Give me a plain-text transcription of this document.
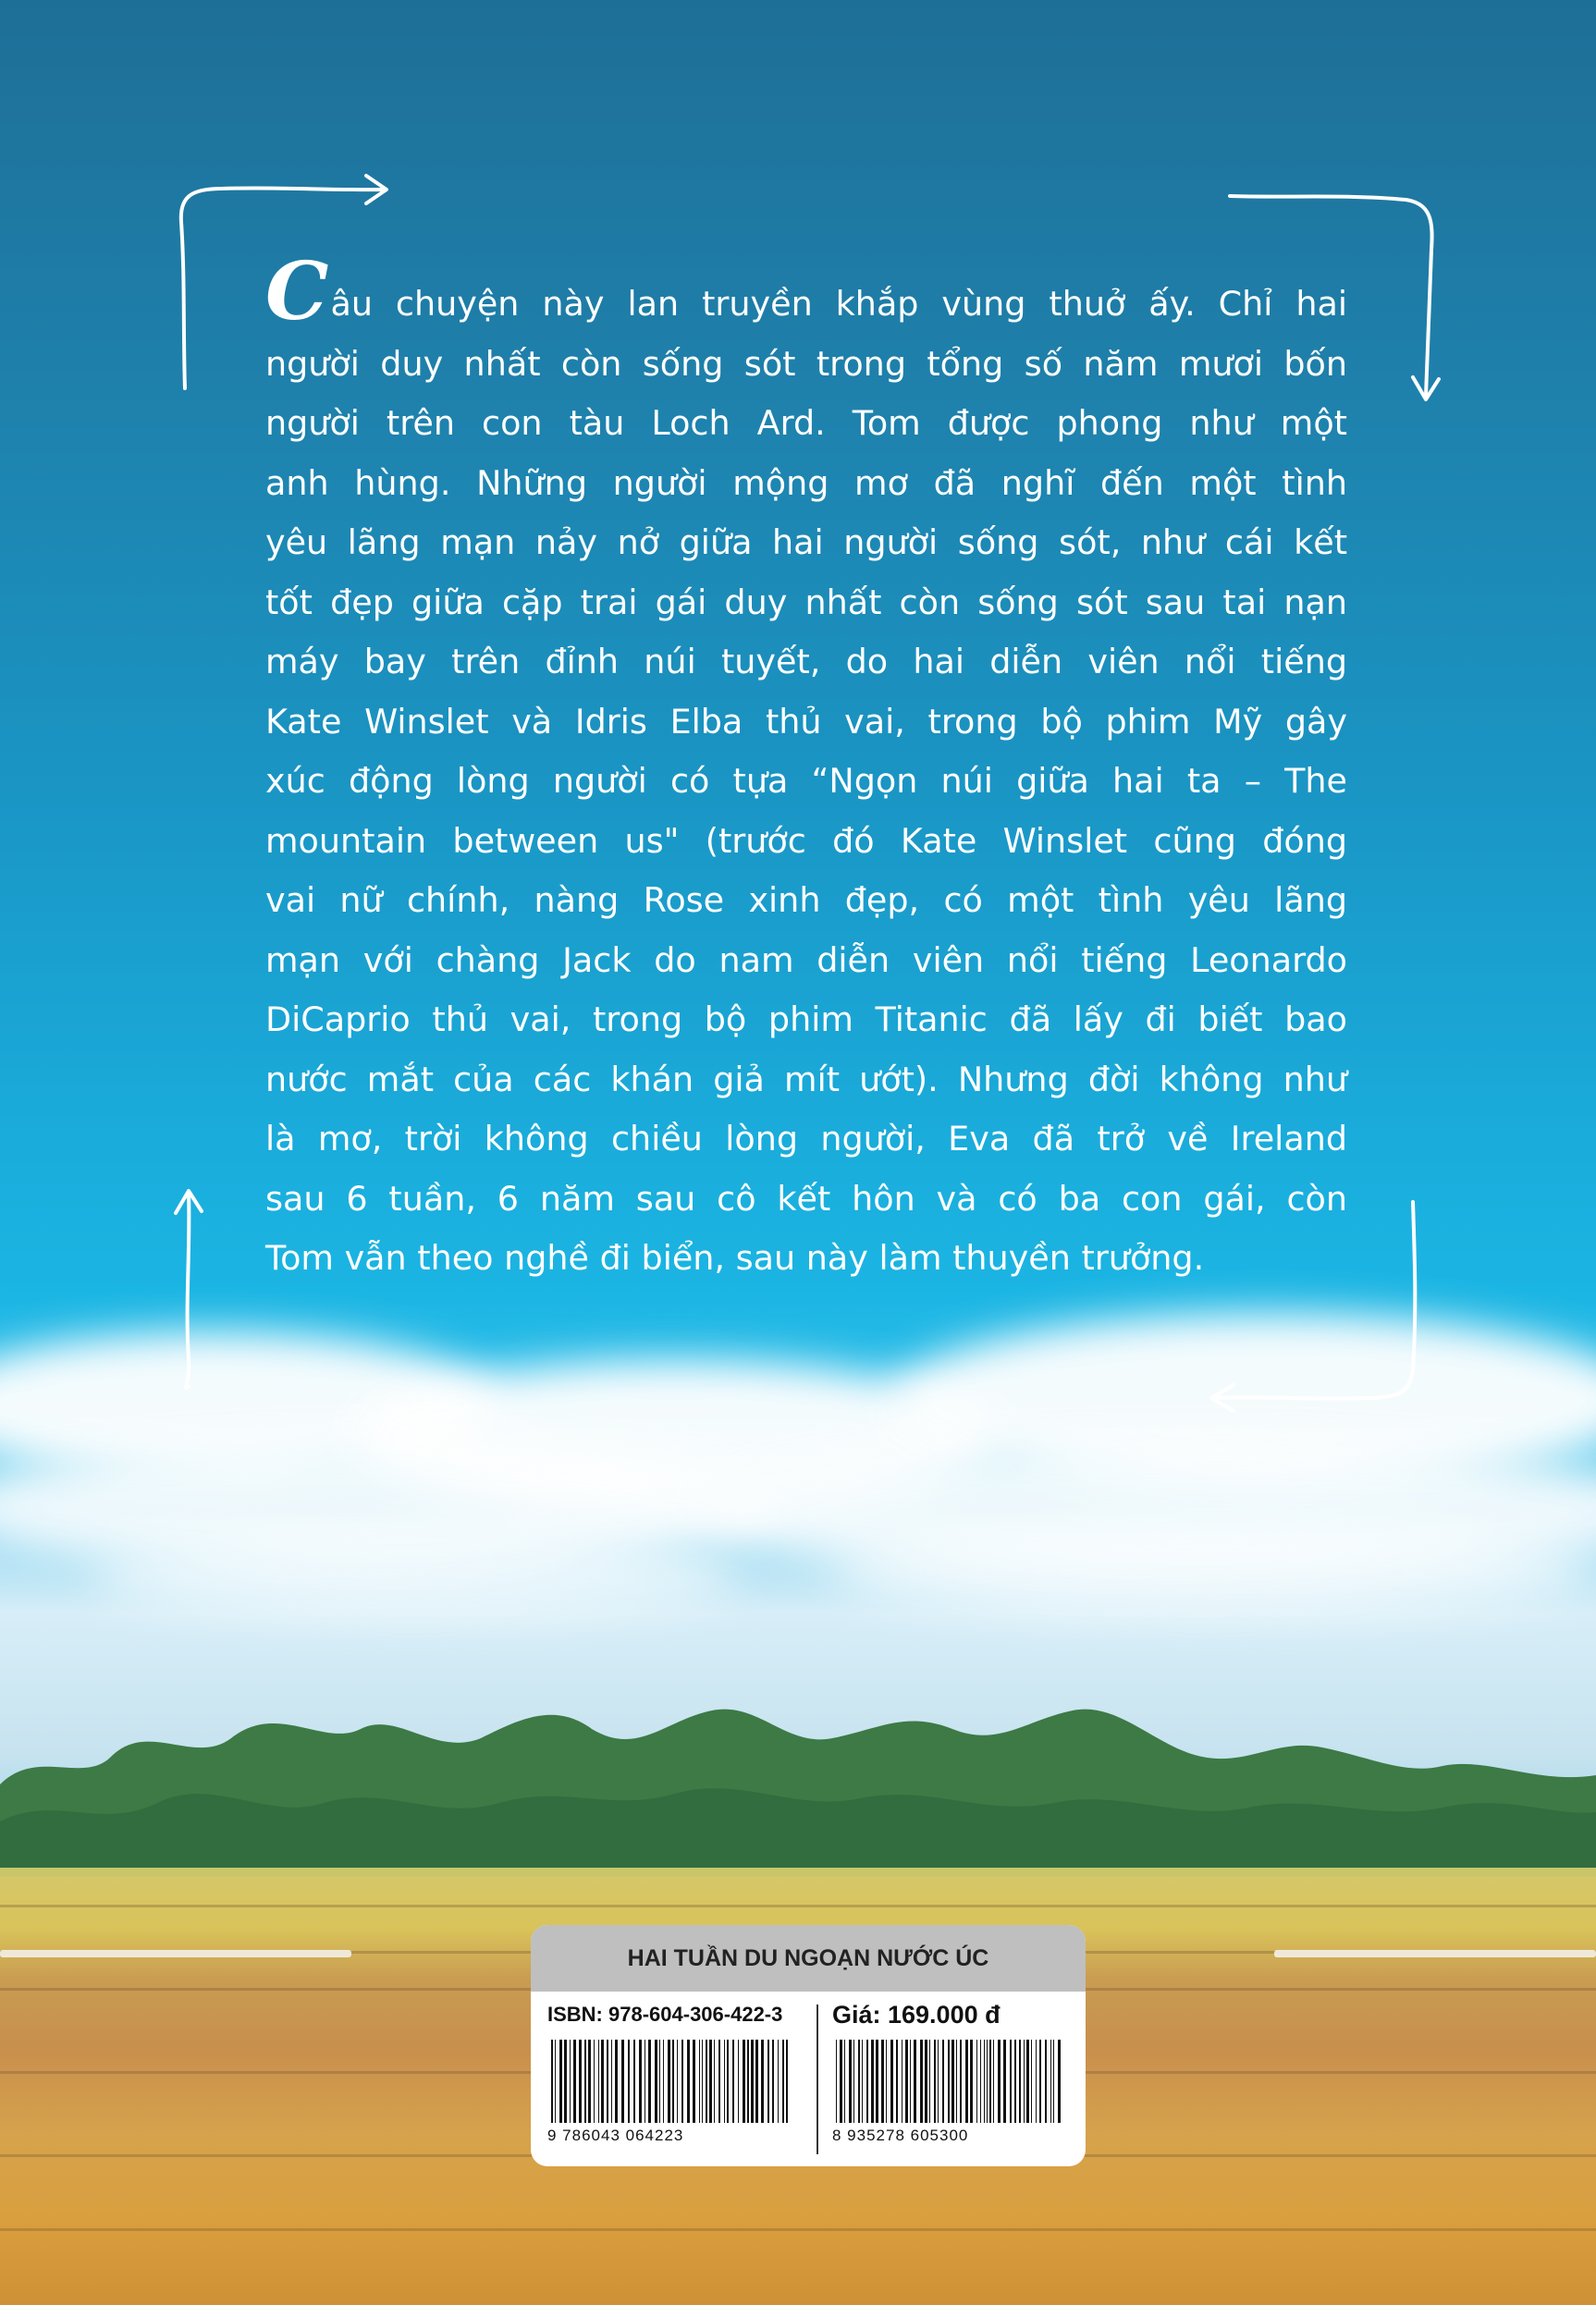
Câu chuyện này lan truyền khắp vùng thuở ấy. Chỉ hai
người duy nhất còn sống sót trong tổng số năm mươi bốn
người trên con tàu Loch Ard. Tom được phong như một
anh hùng. Những người mộng mơ đã nghĩ đến một tình
yêu lãng mạn nảy nở giữa hai người sống sót, như cái kết
tốt đẹp giữa cặp trai gái duy nhất còn sống sót sau tai nạn
máy bay trên đỉnh núi tuyết, do hai diễn viên nổi tiếng
Kate Winslet và Idris Elba thủ vai, trong bộ phim Mỹ gây
xúc động lòng người có tựa “Ngọn núi giữa hai ta – The
mountain between us" (trước đó Kate Winslet cũng đóng
vai nữ chính, nàng Rose xinh đẹp, có một tình yêu lãng
mạn với chàng Jack do nam diễn viên nổi tiếng Leonardo
DiCaprio thủ vai, trong bộ phim Titanic đã lấy đi biết bao
nước mắt của các khán giả mít ướt). Nhưng đời không như
là mơ, trời không chiều lòng người, Eva đã trở về Ireland
sau 6 tuần, 6 năm sau cô kết hôn và có ba con gái, còn
Tom vẫn theo nghề đi biển, sau này làm thuyền trưởng.
HAI TUẦN DU NGOẠN NƯỚC ÚC
ISBN: 978-604-306-422-3
9 786043 064223
Giá: 169.000 đ
8 935278 605300
